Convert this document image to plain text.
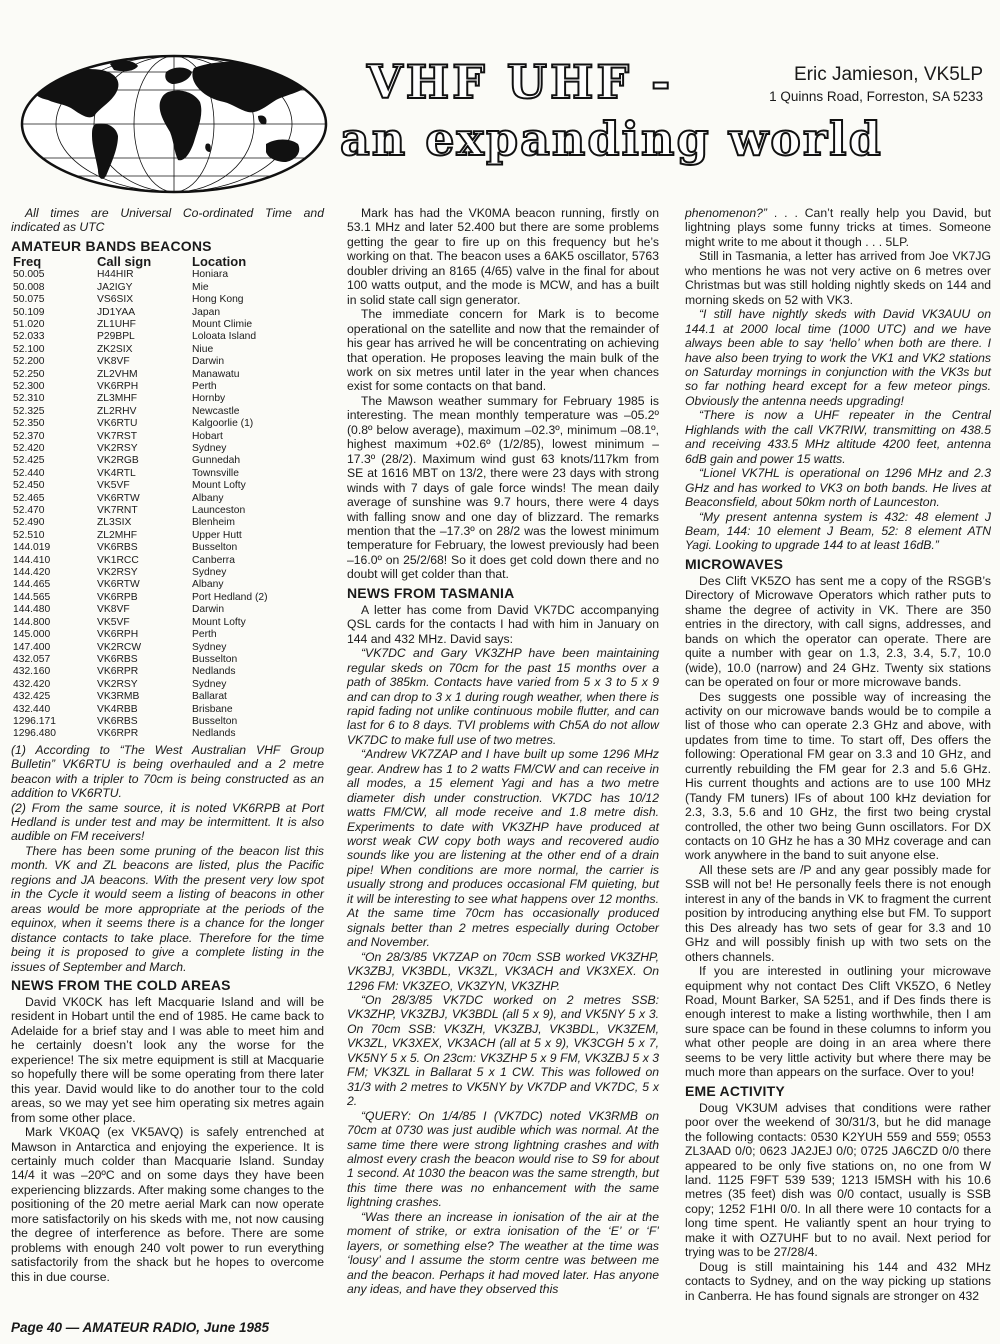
VHF UHF -
an expanding world
Eric Jamieson, VK5LP
1 Quinns Road, Forreston, SA 5233

All times are Universal Co-ordinated Time and indicated as UTC

AMATEUR BANDS BEACONS
Freq	Call sign	Location
50.005	H44HIR	Honiara
50.008	JA2IGY	Mie
50.075	VS6SIX	Hong Kong
50.109	JD1YAA	Japan
51.020	ZL1UHF	Mount Climie
52.033	P29BPL	Loloata Island
52.100	ZK2SIX	Niue
52.200	VK8VF	Darwin
52.250	ZL2VHM	Manawatu
52.300	VK6RPH	Perth
52.310	ZL3MHF	Hornby
52.325	ZL2RHV	Newcastle
52.350	VK6RTU	Kalgoorlie (1)
52.370	VK7RST	Hobart
52.420	VK2RSY	Sydney
52.425	VK2RGB	Gunnedah
52.440	VK4RTL	Townsville
52.450	VK5VF	Mount Lofty
52.465	VK6RTW	Albany
52.470	VK7RNT	Launceston
52.490	ZL3SIX	Blenheim
52.510	ZL2MHF	Upper Hutt
144.019	VK6RBS	Busselton
144.410	VK1RCC	Canberra
144.420	VK2RSY	Sydney
144.465	VK6RTW	Albany
144.565	VK6RPB	Port Hedland (2)
144.480	VK8VF	Darwin
144.800	VK5VF	Mount Lofty
145.000	VK6RPH	Perth
147.400	VK2RCW	Sydney
432.057	VK6RBS	Busselton
432.160	VK6RPR	Nedlands
432.420	VK2RSY	Sydney
432.425	VK3RMB	Ballarat
432.440	VK4RBB	Brisbane
1296.171	VK6RBS	Busselton
1296.480	VK6RPR	Nedlands

(1) According to “The West Australian VHF Group Bulletin” VK6RTU is being overhauled and a 2 metre beacon with a tripler to 70cm is being constructed as an addition to VK6RTU.

(2) From the same source, it is noted VK6RPB at Port Hedland is under test and may be intermittent. It is also audible on FM receivers!

There has been some pruning of the beacon list this month. VK and ZL beacons are listed, plus the Pacific regions and JA beacons. With the present very low spot in the Cycle it would seem a listing of beacons in other areas would be more appropriate at the periods of the equinox, when it seems there is a chance for the longer distance contacts to take place. Therefore for the time being it is proposed to give a complete listing in the issues of September and March.

NEWS FROM THE COLD AREAS

David VK0CK has left Macquarie Island and will be resident in Hobart until the end of 1985. He came back to Adelaide for a brief stay and I was able to meet him and he certainly doesn’t look any the worse for the experience! The six metre equipment is still at Macquarie so hopefully there will be some operating from there later this year. David would like to do another tour to the cold areas, so we may yet see him operating six metres again from some other place.

Mark VK0AQ (ex VK5AVQ) is safely entrenched at Mawson in Antarctica and enjoying the experience. It is certainly much colder than Macquarie Island. Sunday 14/4 it was –20ºC and on some days they have been experiencing blizzards. After making some changes to the positioning of the 20 metre aerial Mark can now operate more satisfactorily on his skeds with me, not now causing the degree of interference as before. There are some problems with enough 240 volt power to run everything satisfactorily from the shack but he hopes to overcome this in due course.

Mark has had the VK0MA beacon running, firstly on 53.1 MHz and later 52.400 but there are some problems getting the gear to fire up on this frequency but he’s working on that. The beacon uses a 6AK5 oscillator, 5763 doubler driving an 8165 (4/65) valve in the final for about 100 watts output, and the mode is MCW, and has a built in solid state call sign generator.

The immediate concern for Mark is to become operational on the satellite and now that the remainder of his gear has arrived he will be concentrating on achieving that operation. He proposes leaving the main bulk of the work on six metres until later in the year when chances exist for some contacts on that band.

The Mawson weather summary for February 1985 is interesting. The mean monthly temperature was –05.2º (0.8º below average), maximum –02.3º, minimum –08.1º, highest maximum +02.6º (1/2/85), lowest minimum –17.3º (28/2). Maximum wind gust 63 knots/117km from SE at 1616 MBT on 13/2, there were 23 days with strong winds with 7 days of gale force winds! The mean daily average of sunshine was 9.7 hours, there were 4 days with falling snow and one day of blizzard. The remarks mention that the –17.3º on 28/2 was the lowest minimum temperature for February, the lowest previously had been –16.0º on 25/2/68! So it does get cold down there and no doubt will get colder than that.

NEWS FROM TASMANIA

A letter has come from David VK7DC accompanying QSL cards for the contacts I had with him in January on 144 and 432 MHz. David says:

“VK7DC and Gary VK3ZHP have been maintaining regular skeds on 70cm for the past 15 months over a path of 385km. Contacts have varied from 5 x 3 to 5 x 9 and can drop to 3 x 1 during rough weather, when there is rapid fading not unlike continuous mobile flutter, and can last for 6 to 8 days. TVI problems with Ch5A do not allow VK7DC to make full use of two metres.

“Andrew VK7ZAP and I have built up some 1296 MHz gear. Andrew has 1 to 2 watts FM/CW and can receive in all modes, a 15 element Yagi and has a two metre diameter dish under construction. VK7DC has 10/12 watts FM/CW, all mode receive and 1.8 metre dish. Experiments to date with VK3ZHP have produced at worst weak CW copy both ways and recovered audio sounds like you are listening at the other end of a drain pipe! When conditions are more normal, the carrier is usually strong and produces occasional FM quieting, but it will be interesting to see what happens over 12 months. At the same time 70cm has occasionally produced signals better than 2 metres especially during October and November.

“On 28/3/85 VK7ZAP on 70cm SSB worked VK3ZHP, VK3ZBJ, VK3BDL, VK3ZL, VK3ACH and VK3XEX. On 1296 FM: VK3ZEO, VK3ZYN, VK3ZHP.

“On 28/3/85 VK7DC worked on 2 metres SSB: VK3ZHP, VK3ZBJ, VK3BDL (all 5 x 9), and VK5NY 5 x 3. On 70cm SSB: VK3ZH, VK3ZBJ, VK3BDL, VK3ZEM, VK3ZL, VK3XEX, VK3ACH (all at 5 x 9), VK3CGH 5 x 7, VK5NY 5 x 5. On 23cm: VK3ZHP 5 x 9 FM, VK3ZBJ 5 x 3 FM; VK3ZL in Ballarat 5 x 1 CW. This was followed on 31/3 with 2 metres to VK5NY by VK7DP and VK7DC, 5 x 2.

“QUERY: On 1/4/85 I (VK7DC) noted VK3RMB on 70cm at 0730 was just audible which was normal. At the same time there were strong lightning crashes and with almost every crash the beacon would rise to S9 for about 1 second. At 1030 the beacon was the same strength, but this time there was no enhancement with the same lightning crashes.

“Was there an increase in ionisation of the air at the moment of strike, or extra ionisation of the ‘E’ or ‘F’ layers, or something else? The weather at the time was ‘lousy’ and I assume the storm centre was between me and the beacon. Perhaps it had moved later. Has anyone any ideas, and have they observed this

phenomenon?” . . . Can’t really help you David, but lightning plays some funny tricks at times. Someone might write to me about it though . . . 5LP.

Still in Tasmania, a letter has arrived from Joe VK7JG who mentions he was not very active on 6 metres over Christmas but was still holding nightly skeds on 144 and morning skeds on 52 with VK3.

“I still have nightly skeds with David VK3AUU on 144.1 at 2000 local time (1000 UTC) and we have always been able to say ‘hello’ when both are there. I have also been trying to work the VK1 and VK2 stations on Saturday mornings in conjunction with the VK3s but so far nothing heard except for a few meteor pings. Obviously the antenna needs upgrading!

“There is now a UHF repeater in the Central Highlands with the call VK7RIW, transmitting on 438.5 and receiving 433.5 MHz altitude 4200 feet, antenna 6dB gain and power 15 watts.

“Lionel VK7HL is operational on 1296 MHz and 2.3 GHz and has worked to VK3 on both bands. He lives at Beaconsfield, about 50km north of Launceston.

“My present antenna system is 432: 48 element J Beam, 144: 10 element J Beam, 52: 8 element ATN Yagi. Looking to upgrade 144 to at least 16dB.”

MICROWAVES

Des Clift VK5ZO has sent me a copy of the RSGB’s Directory of Microwave Operators which rather puts to shame the degree of activity in VK. There are 350 entries in the directory, with call signs, addresses, and bands on which the operator can operate. There are quite a number with gear on 1.3, 2.3, 3.4, 5.7, 10.0 (wide), 10.0 (narrow) and 24 GHz. Twenty six stations can be operated on four or more microwave bands.

Des suggests one possible way of increasing the activity on our microwave bands would be to compile a list of those who can operate 2.3 GHz and above, with updates from time to time. To start off, Des offers the following: Operational FM gear on 3.3 and 10 GHz, and currently rebuilding the FM gear for 2.3 and 5.6 GHz. His current thoughts and actions are to use 100 MHz (Tandy FM tuners) IFs of about 100 kHz deviation for 2.3, 3.3, 5.6 and 10 GHz, the first two being crystal controlled, the other two being Gunn oscillators. For DX contacts on 10 GHz he has a 30 MHz coverage and can work anywhere in the band to suit anyone else.

All these sets are /P and any gear possibly made for SSB will not be! He personally feels there is not enough interest in any of the bands in VK to fragment the current position by introducing anything else but FM. To support this Des already has two sets of gear for 3.3 and 10 GHz and will possibly finish up with two sets on the others channels.

If you are interested in outlining your microwave equipment why not contact Des Clift VK5ZO, 6 Netley Road, Mount Barker, SA 5251, and if Des finds there is enough interest to make a listing worthwhile, then I am sure space can be found in these columns to inform you what other people are doing in an area where there seems to be very little activity but where there may be much more than appears on the surface. Over to you!

EME ACTIVITY

Doug VK3UM advises that conditions were rather poor over the weekend of 30/31/3, but he did manage the following contacts: 0530 K2YUH 559 and 559; 0553 ZL3AAD 0/0; 0623 JA2JEJ 0/0; 0725 JA6CZD 0/0 there appeared to be only five stations on, no one from W land. 1125 F9FT 539 539; 1213 I5MSH with his 10.6 metres (35 feet) dish was 0/0 contact, usually is SSB copy; 1252 F1HI 0/0. In all there were 10 contacts for a long time spent. He valiantly spent an hour trying to make it with OZ7UHF but to no avail. Next period for trying was to be 27/28/4.

Doug is still maintaining his 144 and 432 MHz contacts to Sydney, and on the way picking up stations in Canberra. He has found signals are stronger on 432

Page 40 — AMATEUR RADIO, June 1985
